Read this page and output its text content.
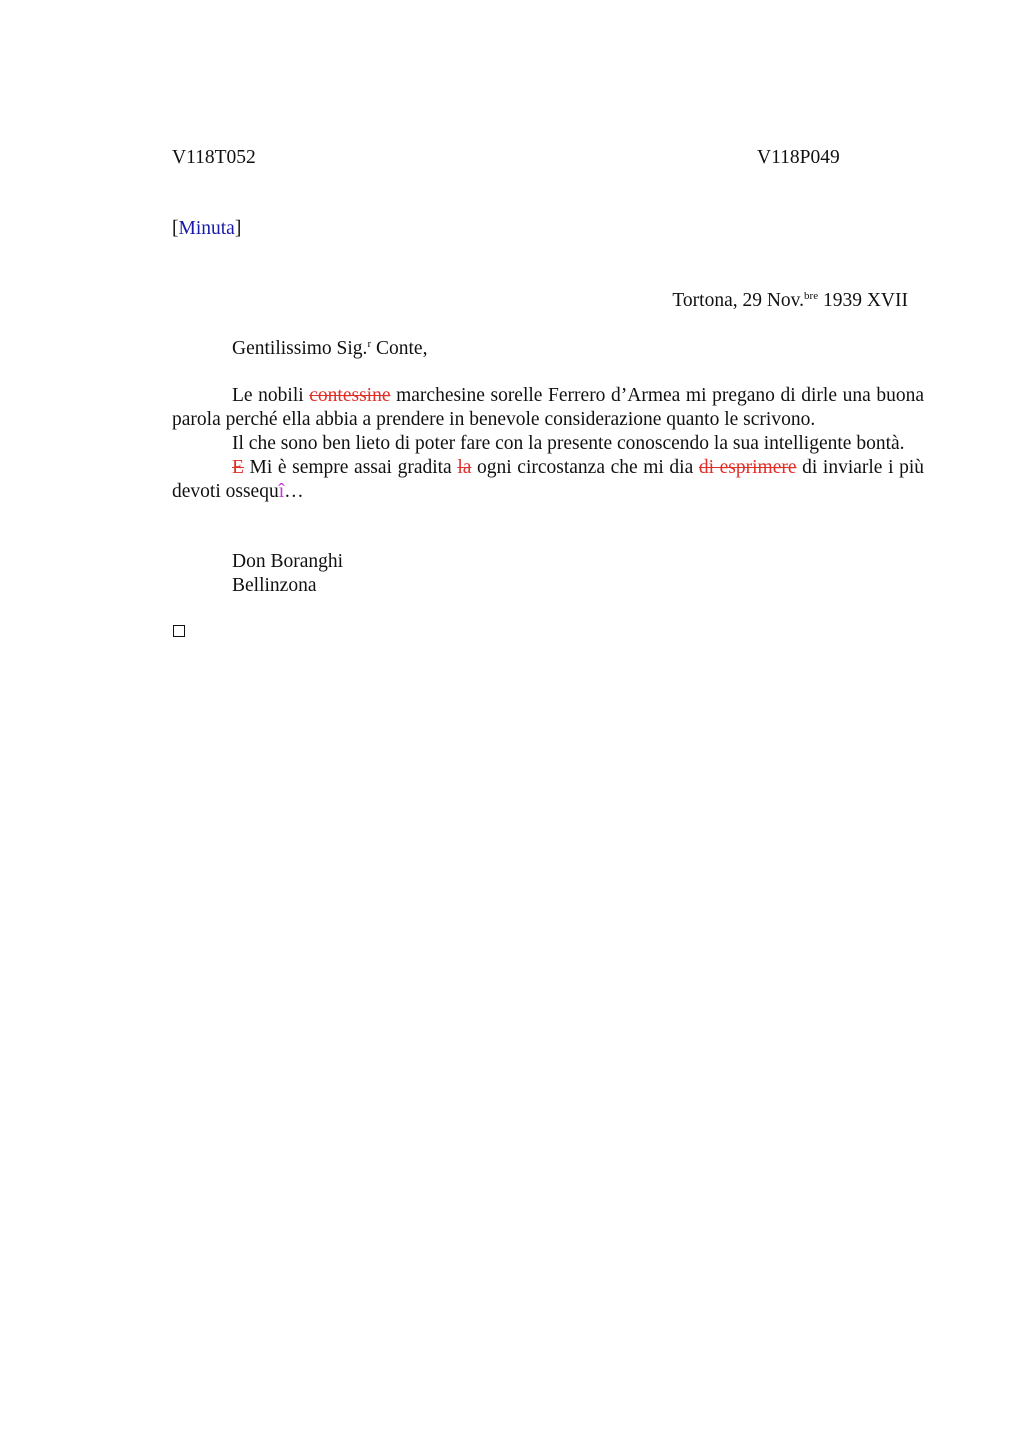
V118T052	V118P049
[Minuta]
Tortona, 29 Nov.$^{bre}$ 1939 XVII
Gentilissimo Sig.$^r$ Conte,

Le nobili contessine marchesine sorelle Ferrero d’Armea mi pregano di dirle una buona parola perché ella abbia a prendere in benevole considerazione quanto le scrivono.

Il che sono ben lieto di poter fare con la presente conoscendo la sua intelligente bontà.

E Mi è sempre assai gradita la ogni circostanza che mi dia di esprimere di inviarle i più devoti ossequî…

Don Boranghi
Bellinzona
